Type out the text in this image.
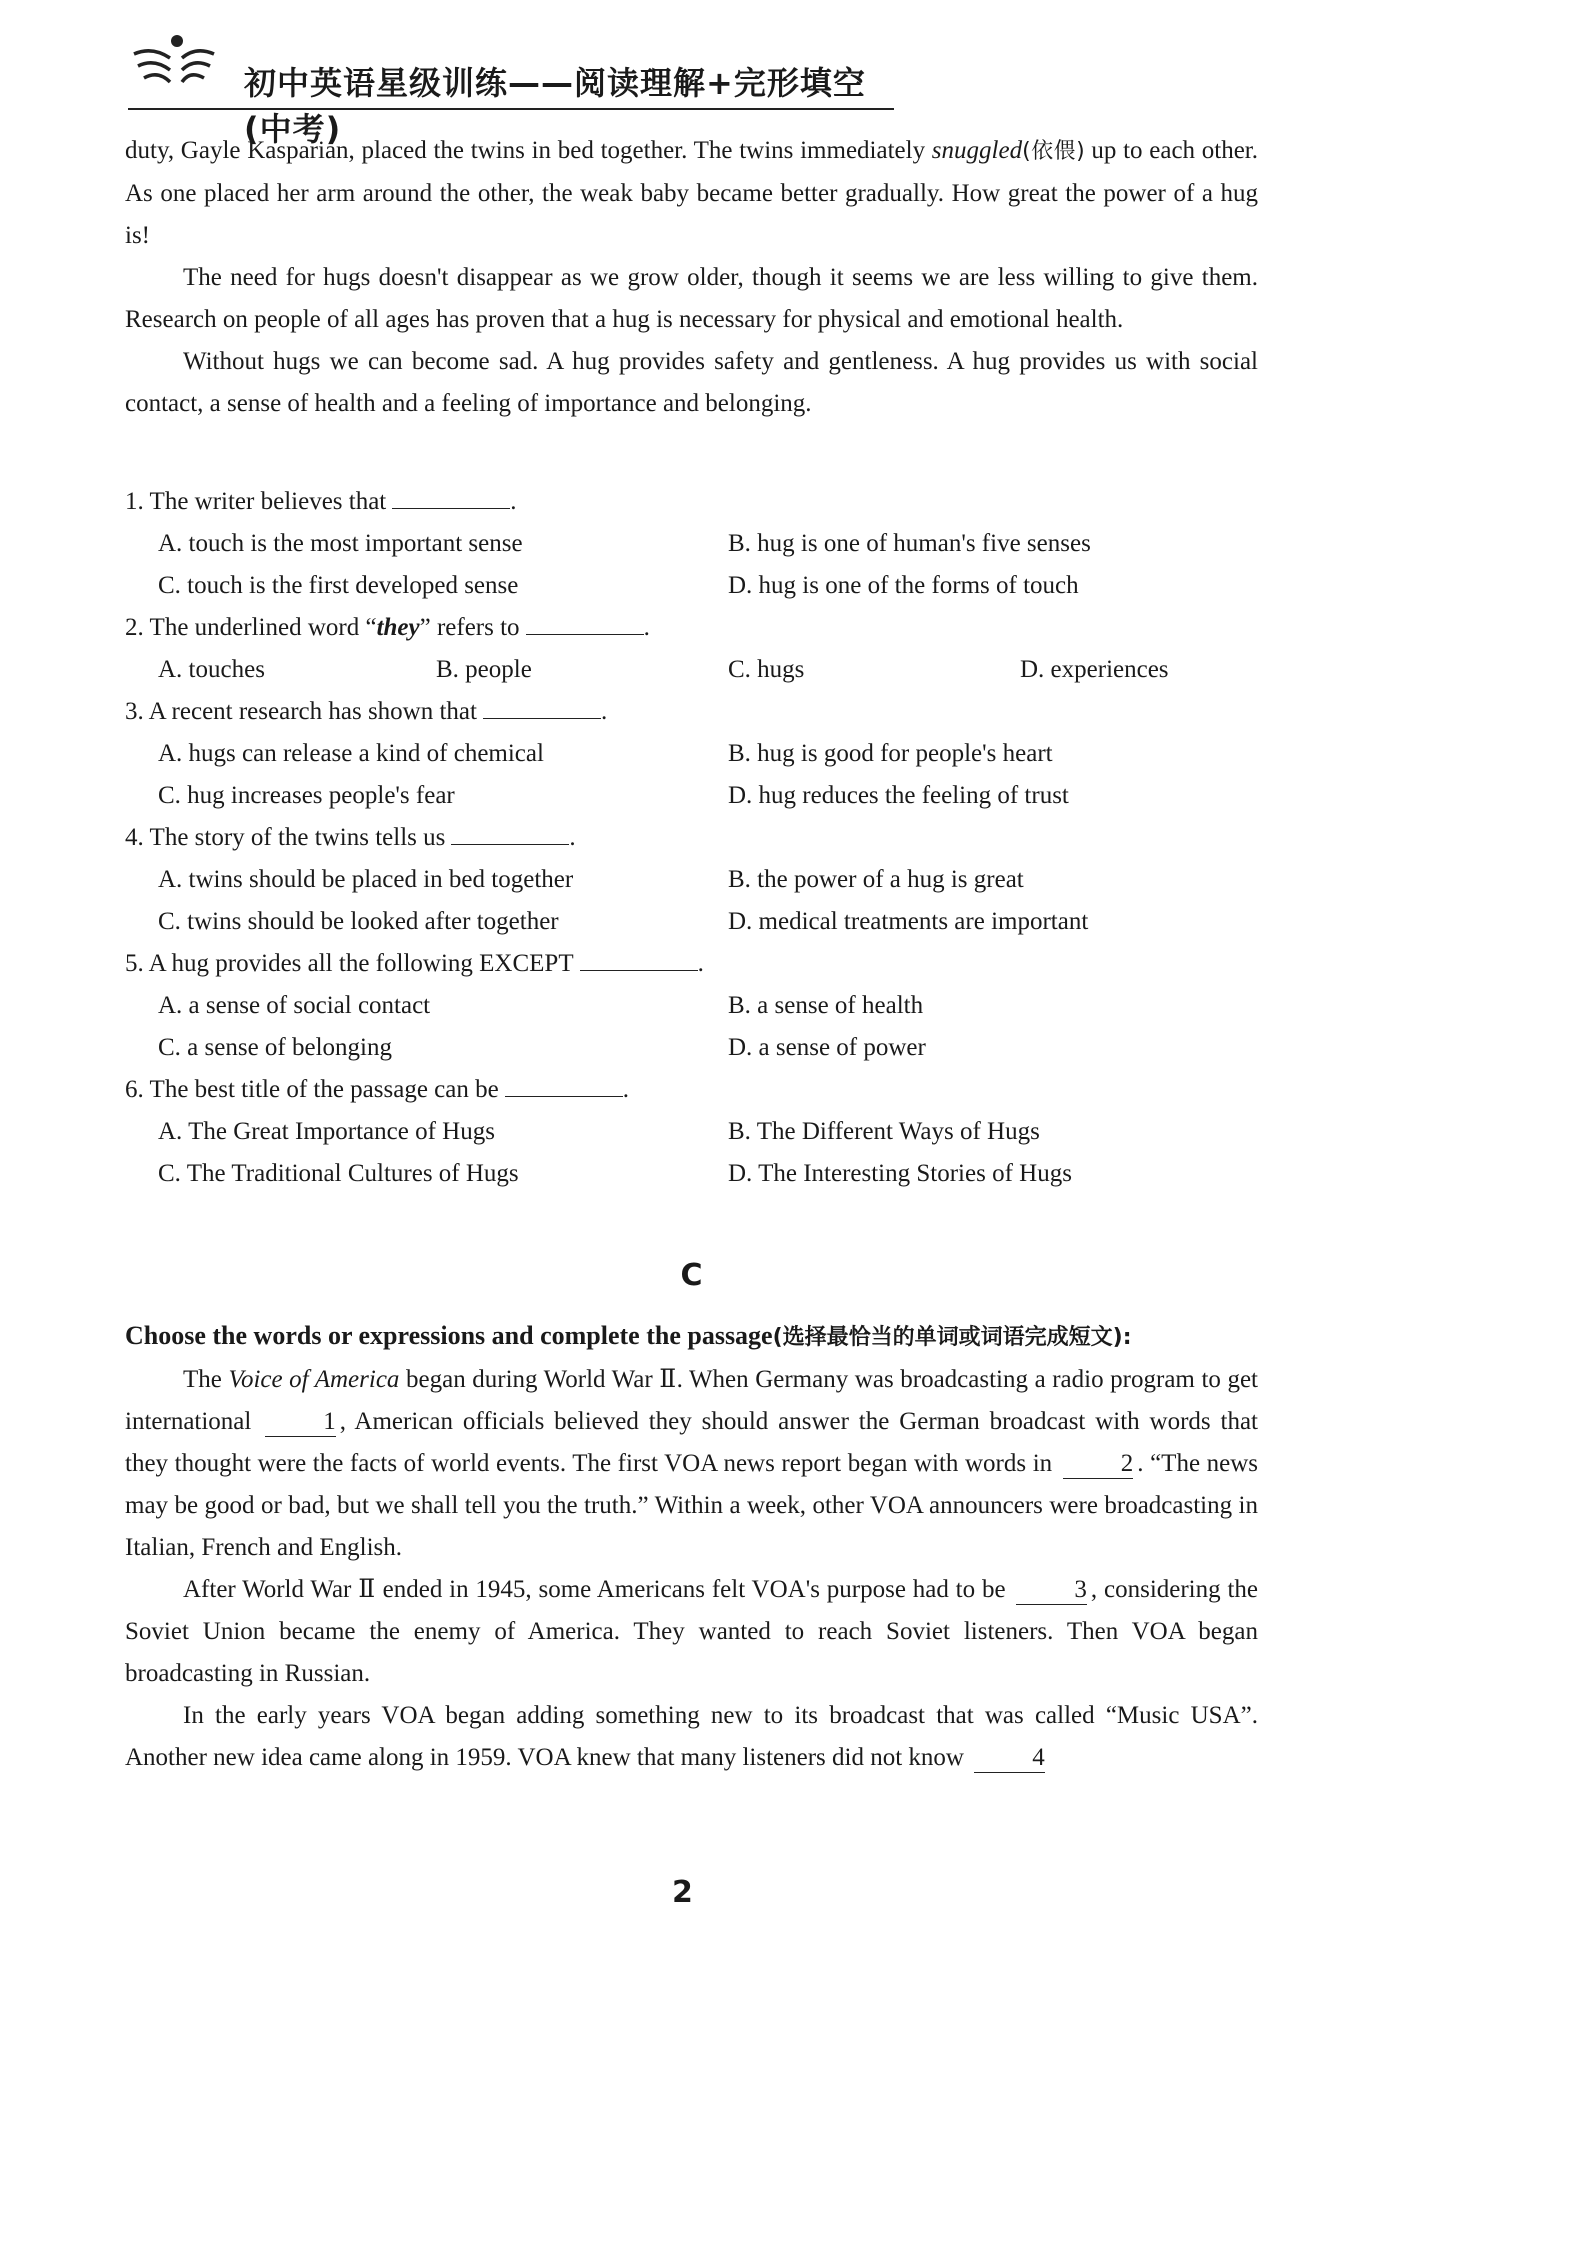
初中英语星级训练——阅读理解+完形填空(中考)

duty, Gayle Kasparian, placed the twins in bed together. The twins immediately snuggled(依偎) up to each other. As one placed her arm around the other, the weak baby became better gradually. How great the power of a hug is!

The need for hugs doesn't disappear as we grow older, though it seems we are less willing to give them. Research on people of all ages has proven that a hug is necessary for physical and emotional health.

Without hugs we can become sad. A hug provides safety and gentleness. A hug provides us with social contact, a sense of health and a feeling of importance and belonging.

1. The writer believes that	.

A. touch is the most important sense	B. hug is one of human's five senses
C. touch is the first developed sense	D. hug is one of the forms of touch

2. The underlined word “they” refers to	.

A. touches	B. people	C. hugs	D. experiences

3. A recent research has shown that	.

A. hugs can release a kind of chemical	B. hug is good for people's heart
C. hug increases people's fear	D. hug reduces the feeling of trust

4. The story of the twins tells us	.

A. twins should be placed in bed together	B. the power of a hug is great
C. twins should be looked after together	D. medical treatments are important

5. A hug provides all the following EXCEPT	.

A. a sense of social contact	B. a sense of health
C. a sense of belonging	D. a sense of power

6. The best title of the passage can be	.

A. The Great Importance of Hugs	B. The Different Ways of Hugs
C. The Traditional Cultures of Hugs	D. The Interesting Stories of Hugs

C

Choose the words or expressions and complete the passage(选择最恰当的单词或词语完成短文):

The Voice of America began during World War Ⅱ. When Germany was broadcasting a radio program to get international	1 , American officials believed they should answer the German broadcast with words that they thought were the facts of world events. The first VOA news report began with words in	2 . “The news may be good or bad, but we shall tell you the truth.” Within a week, other VOA announcers were broadcasting in Italian, French and English.

After World War Ⅱ ended in 1945, some Americans felt VOA's purpose had to be	3 , considering the Soviet Union became the enemy of America. They wanted to reach Soviet listeners. Then VOA began broadcasting in Russian.

In the early years VOA began adding something new to its broadcast that was called “Music USA”. Another new idea came along in 1959. VOA knew that many listeners did not know	4

2
